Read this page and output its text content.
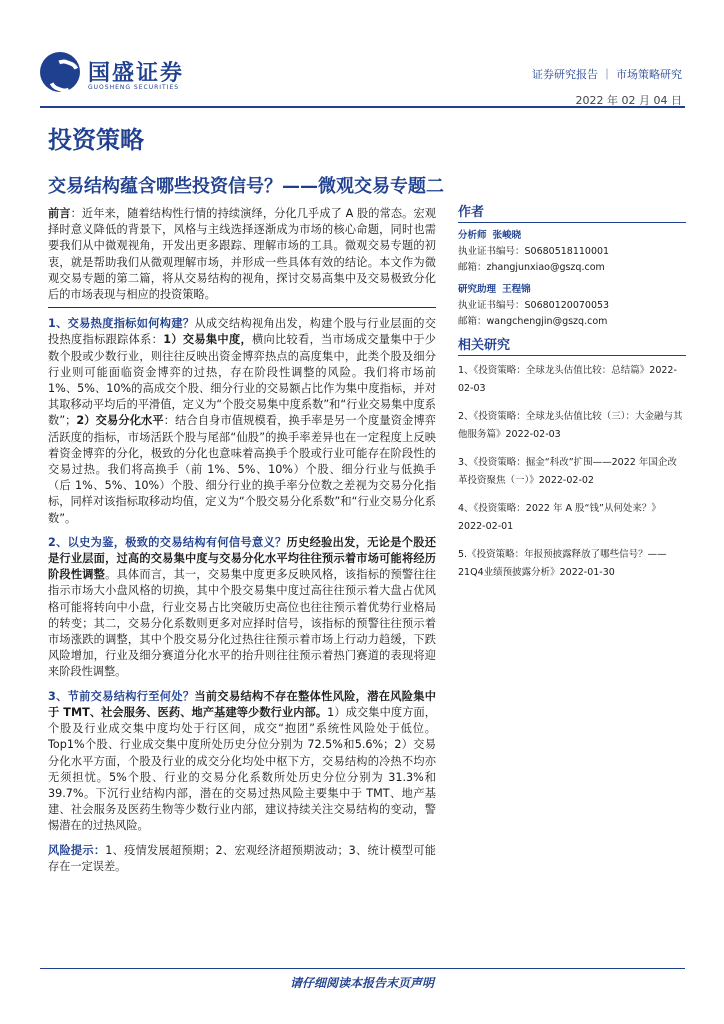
国盛证券
GUOSHENG SECURITIES
证券研究报告 ｜ 市场策略研究
2022 年 02 月 04 日
投资策略
交易结构蕴含哪些投资信号？——微观交易专题二

前言：近年来，随着结构性行情的持续演绎，分化几乎成了 A 股的常态。宏观择时意义降低的背景下，风格与主线选择逐渐成为市场的核心命题，同时也需要我们从中微观视角，开发出更多跟踪、理解市场的工具。微观交易专题的初衷，就是帮助我们从微观理解市场，并形成一些具体有效的结论。本文作为微观交易专题的第二篇，将从交易结构的视角，探讨交易高集中及交易极致分化后的市场表现与相应的投资策略。

1、交易热度指标如何构建？从成交结构视角出发，构建个股与行业层面的交投热度指标跟踪体系：1）交易集中度，横向比较看，当市场成交量集中于少数个股或少数行业，则往往反映出资金博弈热点的高度集中，此类个股及细分行业则可能面临资金博弈的过热，存在阶段性调整的风险。我们将市场前 1%、5%、10%的高成交个股、细分行业的交易额占比作为集中度指标，并对其取移动平均后的平滑值，定义为“个股交易集中度系数”和“行业交易集中度系数”；2）交易分化水平：结合自身市值规模看，换手率是另一个度量资金博弈活跃度的指标，市场活跃个股与尾部“仙股”的换手率差异也在一定程度上反映着资金博弈的分化，极致的分化也意味着高换手个股或行业可能存在阶段性的交易过热。我们将高换手（前 1%、5%、10%）个股、细分行业与低换手（后 1%、5%、10%）个股、细分行业的换手率分位数之差视为交易分化指标，同样对该指标取移动均值，定义为“个股交易分化系数”和“行业交易分化系数”。

2、以史为鉴，极致的交易结构有何信号意义？历史经验出发，无论是个股还是行业层面，过高的交易集中度与交易分化水平均往往预示着市场可能将经历阶段性调整。具体而言，其一，交易集中度更多反映风格，该指标的预警往往指示市场大小盘风格的切换，其中个股交易集中度过高往往预示着大盘占优风格可能将转向中小盘，行业交易占比突破历史高位也往往预示着优势行业格局的转变；其二，交易分化系数则更多对应择时信号，该指标的预警往往预示着市场涨跌的调整，其中个股交易分化过热往往预示着市场上行动力趋缓，下跌风险增加，行业及细分赛道分化水平的抬升则往往预示着热门赛道的表现将迎来阶段性调整。

3、节前交易结构行至何处？当前交易结构不存在整体性风险，潜在风险集中于 TMT、社会服务、医药、地产基建等少数行业内部。1）成交集中度方面，个股及行业成交集中度均处于行区间，成交“抱团”系统性风险处于低位。Top1%个股、行业成交集中度所处历史分位分别为 72.5%和5.6%；2）交易分化水平方面，个股及行业的成交分化均处中枢下方，交易结构的冷热不均亦无须担忧。5%个股、行业的交易分化系数所处历史分位分别为 31.3%和39.7%。下沉行业结构内部，潜在的交易过热风险主要集中于 TMT、地产基建、社会服务及医药生物等少数行业内部，建议持续关注交易结构的变动，警惕潜在的过热风险。

风险提示：1、疫情发展超预期；2、宏观经济超预期波动；3、统计模型可能存在一定误差。

作者
分析师 张峻晓
执业证书编号：S0680518110001
邮箱：zhangjunxiao@gszq.com
研究助理 王程锦
执业证书编号：S0680120070053
邮箱：wangchengjin@gszq.com
相关研究
1、《投资策略：全球龙头估值比较：总结篇》2022-02-03
2、《投资策略：全球龙头估值比较（三）：大金融与其他服务篇》2022-02-03
3、《投资策略：掘金“科改”扩围——2022 年国企改革投资聚焦（一）》2022-02-02
4、《投资策略：2022 年 A 股“钱”从何处来？》2022-02-01
5.《投资策略：年报预披露释放了哪些信号？——21Q4业绩预披露分析》2022-01-30
请仔细阅读本报告末页声明
